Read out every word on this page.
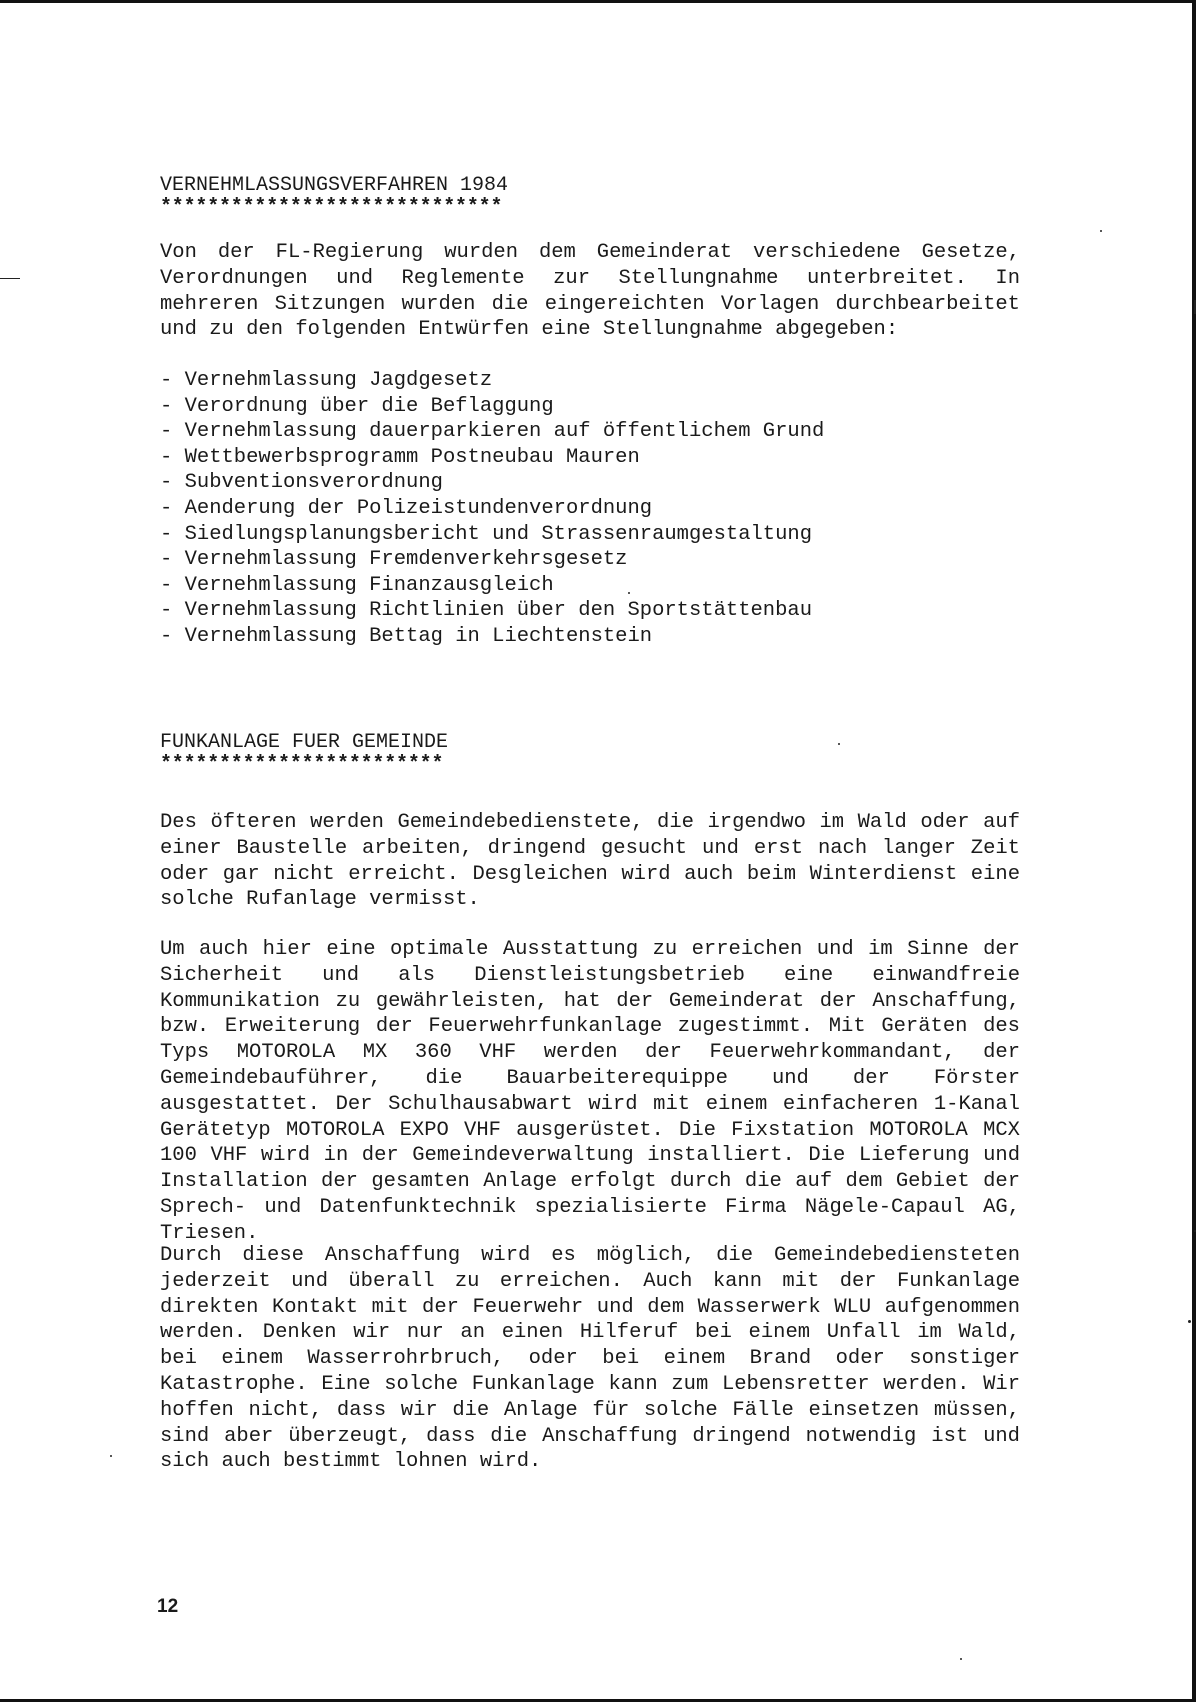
VERNEHMLASSUNGSVERFAHREN 1984
*****************************

Von der FL-Regierung wurden dem Gemeinderat verschiedene Gesetze, Verordnungen und Reglemente zur Stellungnahme unterbreitet. In mehreren Sitzungen wurden die eingereichten Vorlagen durchbearbeitet und zu den folgenden Entwürfen eine Stellungnahme abgegeben:

- Vernehmlassung Jagdgesetz
- Verordnung über die Beflaggung
- Vernehmlassung dauerparkieren auf öffentlichem Grund
- Wettbewerbsprogramm Postneubau Mauren
- Subventionsverordnung
- Aenderung der Polizeistundenverordnung
- Siedlungsplanungsbericht und Strassenraumgestaltung
- Vernehmlassung Fremdenverkehrsgesetz
- Vernehmlassung Finanzausgleich
- Vernehmlassung Richtlinien über den Sportstättenbau
- Vernehmlassung Bettag in Liechtenstein
FUNKANLAGE FUER GEMEINDE
************************

Des öfteren werden Gemeindebedienstete, die irgendwo im Wald oder auf einer Baustelle arbeiten, dringend gesucht und erst nach langer Zeit oder gar nicht erreicht. Desgleichen wird auch beim Winterdienst eine solche Rufanlage vermisst.

Um auch hier eine optimale Ausstattung zu erreichen und im Sinne der Sicherheit und als Dienstleistungsbetrieb eine einwandfreie Kommunikation zu gewährleisten, hat der Gemeinderat der Anschaffung, bzw. Erweiterung der Feuerwehrfunkanlage zugestimmt. Mit Geräten des Typs MOTOROLA MX 360 VHF werden der Feuerwehrkommandant, der Gemeindebauführer, die Bauarbeiterequippe und der Förster ausgestattet. Der Schulhausabwart wird mit einem einfacheren 1-Kanal Gerätetyp MOTOROLA EXPO VHF ausgerüstet. Die Fixstation MOTOROLA MCX 100 VHF wird in der Gemeindeverwaltung installiert. Die Lieferung und Installation der gesamten Anlage erfolgt durch die auf dem Gebiet der Sprech- und Datenfunktechnik spezialisierte Firma Nägele-Capaul AG, Triesen.

Durch diese Anschaffung wird es möglich, die Gemeindebediensteten jederzeit und überall zu erreichen. Auch kann mit der Funkanlage direkten Kontakt mit der Feuerwehr und dem Wasserwerk WLU aufgenommen werden. Denken wir nur an einen Hilferuf bei einem Unfall im Wald, bei einem Wasserrohrbruch, oder bei einem Brand oder sonstiger Katastrophe. Eine solche Funkanlage kann zum Lebensretter werden. Wir hoffen nicht, dass wir die Anlage für solche Fälle einsetzen müssen, sind aber überzeugt, dass die Anschaffung dringend notwendig ist und sich auch bestimmt lohnen wird.

12
